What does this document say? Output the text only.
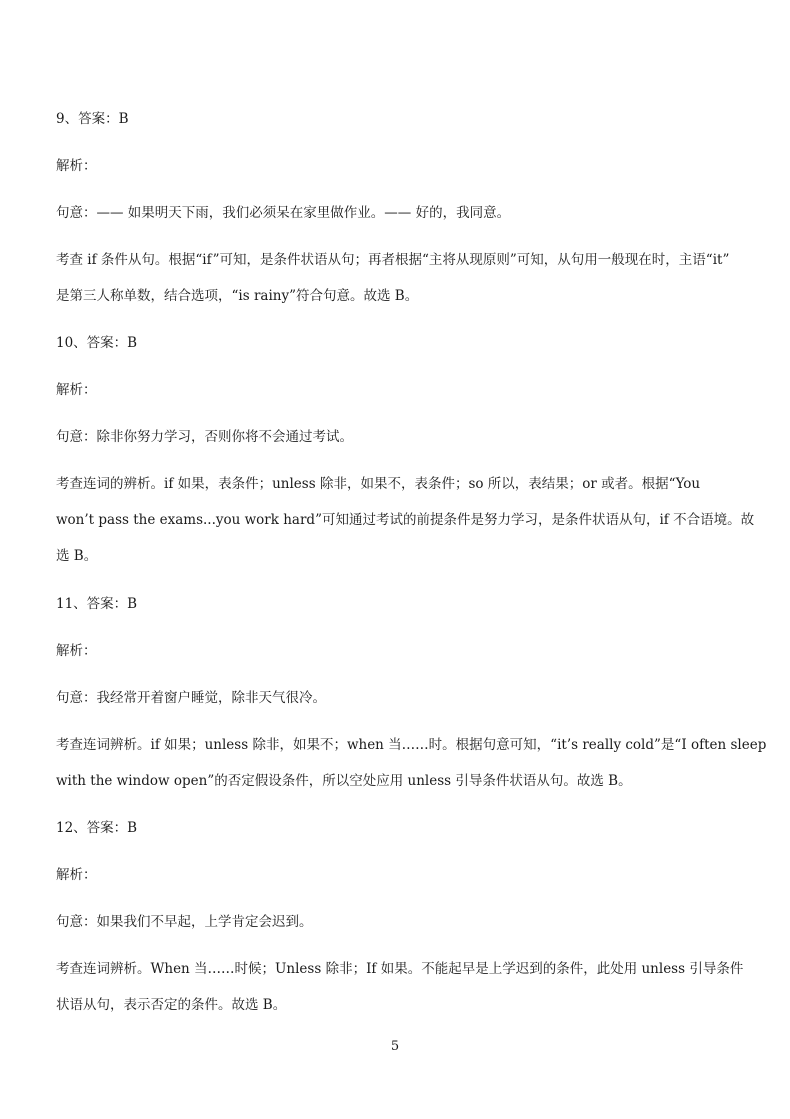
9、答案：B

解析：

句意：—— 如果明天下雨，我们必须呆在家里做作业。—— 好的，我同意。

考查 if 条件从句。根据“if”可知，是条件状语从句；再者根据“主将从现原则”可知，从句用一般现在时，主语“it”

是第三人称单数，结合选项，“is rainy”符合句意。故选 B。

10、答案：B

解析：

句意：除非你努力学习，否则你将不会通过考试。

考查连词的辨析。if 如果，表条件；unless 除非，如果不，表条件；so 所以，表结果；or 或者。根据“You

won’t pass the exams...you work hard”可知通过考试的前提条件是努力学习，是条件状语从句，if 不合语境。故

选 B。

11、答案：B

解析：

句意：我经常开着窗户睡觉，除非天气很冷。

考查连词辨析。if 如果；unless 除非，如果不；when 当……时。根据句意可知，“it’s really cold”是“I often sleep

with the window open”的否定假设条件，所以空处应用 unless 引导条件状语从句。故选 B。

12、答案：B

解析：

句意：如果我们不早起，上学肯定会迟到。

考查连词辨析。When 当……时候；Unless 除非；If 如果。不能起早是上学迟到的条件，此处用 unless 引导条件

状语从句，表示否定的条件。故选 B。

5
